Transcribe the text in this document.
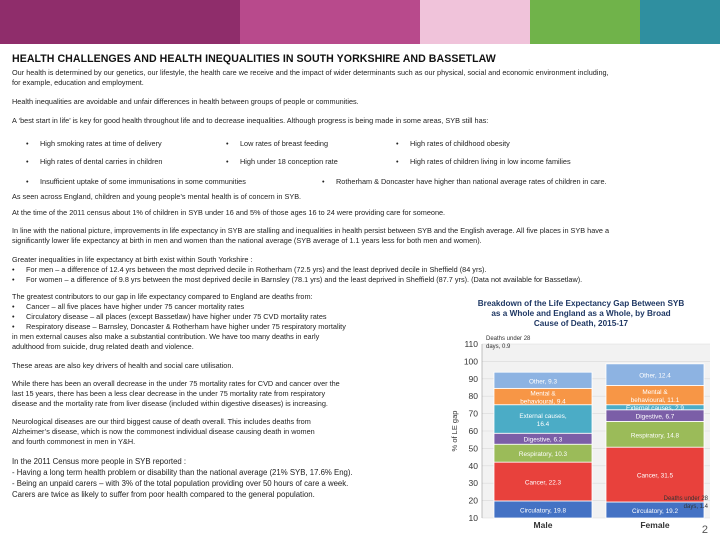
HEALTH CHALLENGES AND HEALTH INEQUALITIES IN SOUTH YORKSHIRE AND BASSETLAW
Our health is determined by our genetics, our lifestyle, the health care we receive and the impact of wider determinants such as our physical, social and economic environment including,
for example, education and employment.
Health inequalities are avoidable and unfair differences in health between groups of people or communities.
A ‘best start in life’ is key for good health throughout life and to decrease inequalities. Although progress is being made in some areas, SYB still has:
• High smoking rates at time of delivery	• Low rates of breast feeding	• High rates of childhood obesity
• High rates of dental carries in children	• High under 18 conception rate	• High rates of children living in low income families
• Insufficient uptake of some immunisations in some communities	• Rotherham & Doncaster have higher than national average rates of children in care.
As seen across England, children and young people’s mental health is of concern in SYB.
At the time of the 2011 census about 1% of children in SYB under 16 and 5% of those ages 16 to 24 were providing care for someone.
In line with the national picture, improvements in life expectancy in SYB are stalling and inequalities in health persist between SYB and the English average. All five places in SYB have a
significantly lower life expectancy at birth in men and women than the national average (SYB average of 1.1 years less for both men and women).
Greater inequalities in life expectancy at birth exist within South Yorkshire :
• For men – a difference of 12.4 yrs between the most deprived decile in Rotherham (72.5 yrs) and the least deprived decile in Sheffield (84 yrs).
• For women – a difference of 9.8 yrs between the most deprived decile in Barnsley (78.1 yrs) and the least deprived in Sheffield (87.7 yrs). (Data not available for Bassetlaw).
The greatest contributors to our gap in life expectancy compared to England are deaths from:
• Cancer – all five places have higher under 75 cancer mortality rates
• Circulatory disease – all places (except Bassetlaw) have higher under 75 CVD mortality rates
• Respiratory disease – Barnsley, Doncaster & Rotherham have higher under 75 respiratory mortality
in men external causes also make a substantial contribution. We have too many deaths in early
adulthood from suicide, drug related death and violence.
These areas are also key drivers of health and social care utilisation.
While there has been an overall decrease in the under 75 mortality rates for CVD and cancer over the
last 15 years, there has been a less clear decrease in the under 75 mortality rate from respiratory
disease and the mortality rate from liver disease (included within digestive diseases) is increasing.
Neurological diseases are our third biggest cause of death overall. This includes deaths from
Alzheimer’s disease, which is now the commonest individual disease causing death in women
and fourth commonest in men in Y&H.
In the 2011 Census more people in SYB reported :
- Having a long term health problem or disability than the national average (21% SYB, 17.6% Eng).
- Being an unpaid carers – with 3% of the total population providing over 50 hours of care a week.
Carers are twice as likely to suffer from poor health compared to the general population.
Breakdown of the Life Expectancy Gap Between SYB
as a Whole and England as a Whole, by Broad
Cause of Death, 2015-17
10
20
30
40
50
60
70
80
90
100
110
% of LE gap
Circulatory, 19.8
Cancer, 22.3
Respiratory, 10.3
Digestive, 6.3
External causes,
16.4
Mental &
behavioural, 9.4
Other, 9.3
Male
Circulatory, 19.2
Cancer, 31.5
Respiratory, 14.8
Digestive, 6.7
External causes, 2.9
Mental &
behavioural, 11.1
Other, 12.4
Female
Deaths under 28
days, 0.9
Deaths under 28
days, 1.4
2
